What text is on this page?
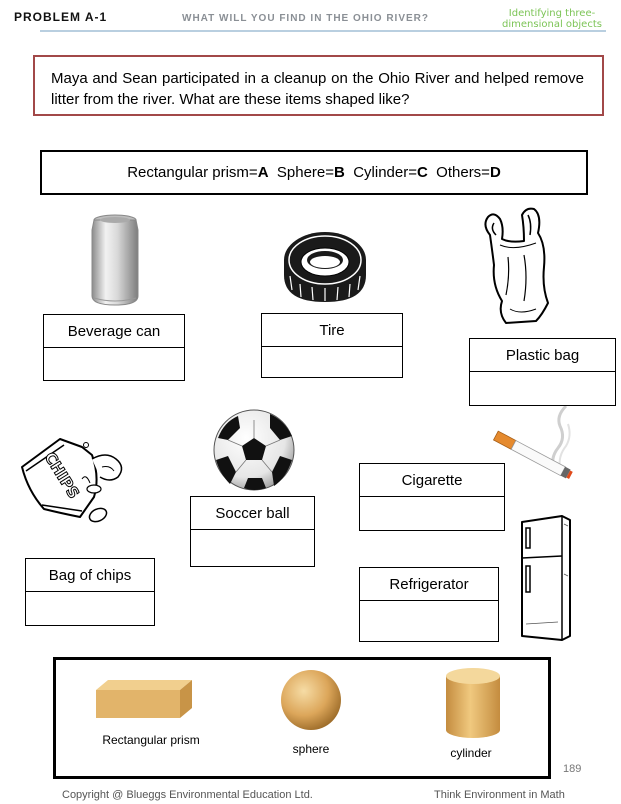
PROBLEM A-1	WHAT WILL YOU FIND IN THE OHIO RIVER?	Identifying three-dimensional objects

Maya and Sean participated in a cleanup on the Ohio River and helped remove litter from the river. What are these items shaped like?

Rectangular prism=A Sphere=B Cylinder=C Others=D
CHIPS
Beverage can	Tire
Plastic bag
Cigarette
Soccer ball
Bag of chips
Refrigerator
Rectangular prism
sphere	cylinder
189
Copyright @ Blueggs Environmental Education Ltd.	Think Environment in Math
